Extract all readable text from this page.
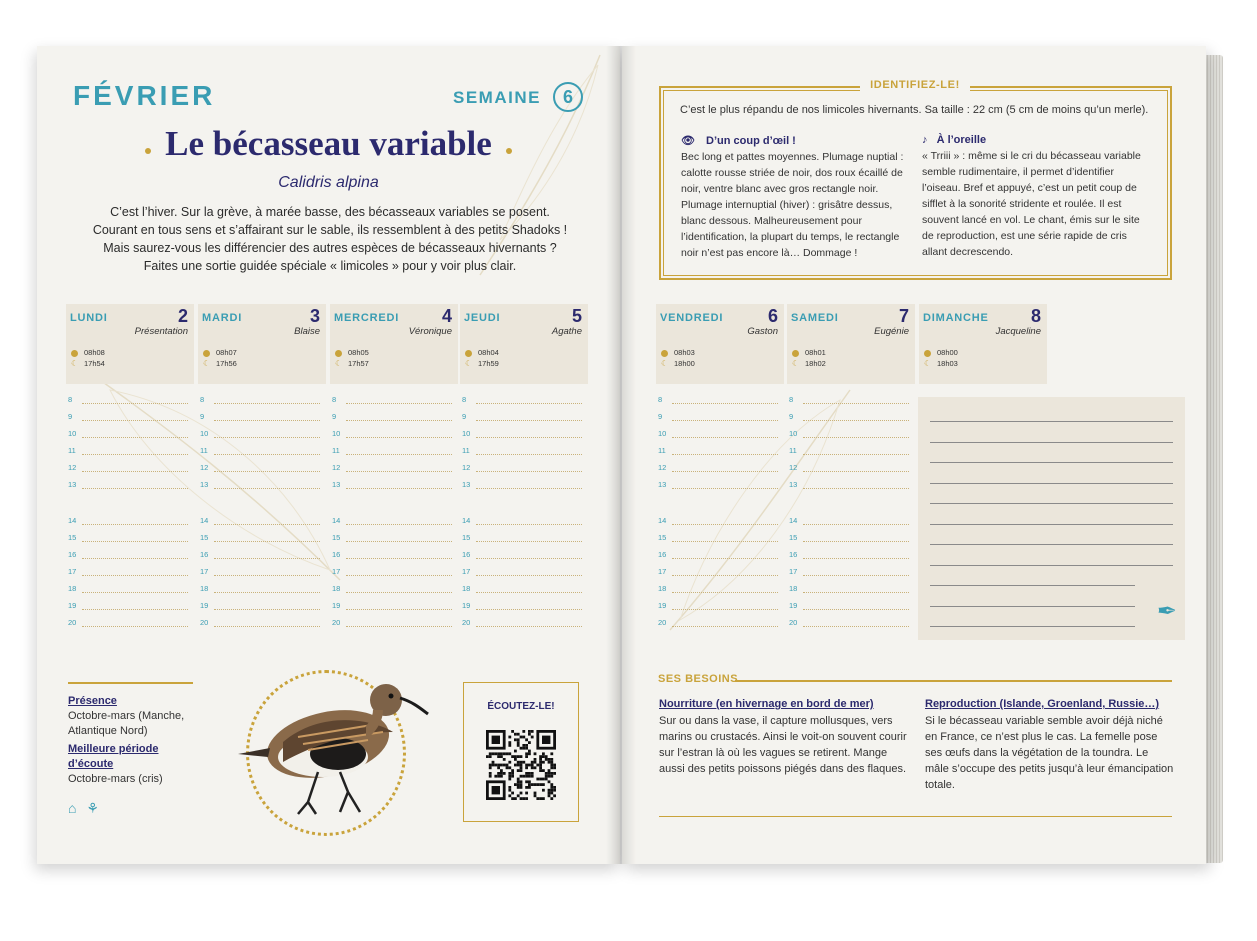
FÉVRIER	SEMAINE	6
Le bécasseau variable
Calidris alpina
C’est l’hiver. Sur la grève, à marée basse, des bécasseaux variables se posent.
Courant en tous sens et s’affairant sur le sable, ils ressemblent à des petits Shadoks !
Mais saurez-vous les différencier des autres espèces de bécasseaux hivernants ?
Faites une sortie guidée spéciale « limicoles » pour y voir plus clair.
LUNDI	2
Présentation
08h08
☾ 17h54
8
9
10
11
12
13
14
15
16
17
18
19
20
MARDI	3
Blaise
08h07
☾ 17h56
8
9
10
11
12
13
14
15
16
17
18
19
20
MERCREDI 4
Véronique
08h05
☾ 17h57
8
9
10
11
12
13
14
15
16
17
18
19
20
JEUDI	5
Agathe
08h04
☾ 17h59
8
9
10
11
12
13
14
15
16
17
18
19
20
VENDREDI 6
Gaston
08h03
☾ 18h00
8
9
10
11
12
13
14
15
16
17
18
19
20
SAMEDI	7
Eugénie
08h01
☾ 18h02
8
9
10
11
12
13
14
15
16
17
18
19
20
DIMANCHE 8
Jacqueline
08h00
☾ 18h03
✒
Présence
Octobre-mars (Manche, Atlantique Nord)
Meilleure période d’écoute
Octobre-mars (cris)
⌂ ⚘
ÉCOUTEZ-LE!
IDENTIFIEZ-LE!
C’est le plus répandu de nos limicoles hivernants. Sa taille : 22 cm (5 cm de moins qu’un merle).
👁 D’un coup d’œil !
Bec long et pattes moyennes. Plumage nuptial : calotte rousse striée de noir, dos roux écaillé de noir, ventre blanc avec gros rectangle noir. Plumage internuptial (hiver) : grisâtre dessus, blanc dessous. Malheureusement pour l’identification, la plupart du temps, le rectangle noir n’est pas encore là… Dommage !
♪ À l’oreille
« Trriii » : même si le cri du bécasseau variable semble rudimentaire, il permet d’identifier l’oiseau. Bref et appuyé, c’est un petit coup de sifflet à la sonorité stridente et roulée. Il est souvent lancé en vol. Le chant, émis sur le site de reproduction, est une série rapide de cris allant decrescendo.
SES BESOINS
Nourriture (en hivernage en bord de mer)
Sur ou dans la vase, il capture mollusques, vers marins ou crustacés. Ainsi le voit-on souvent courir sur l’estran là où les vagues se retirent. Mange aussi des petits poissons piégés dans des flaques.
Reproduction (Islande, Groenland, Russie…)
Si le bécasseau variable semble avoir déjà niché en France, ce n’est plus le cas. La femelle pose ses œufs dans la végétation de la toundra. Le mâle s’occupe des petits jusqu’à leur émancipation totale.
